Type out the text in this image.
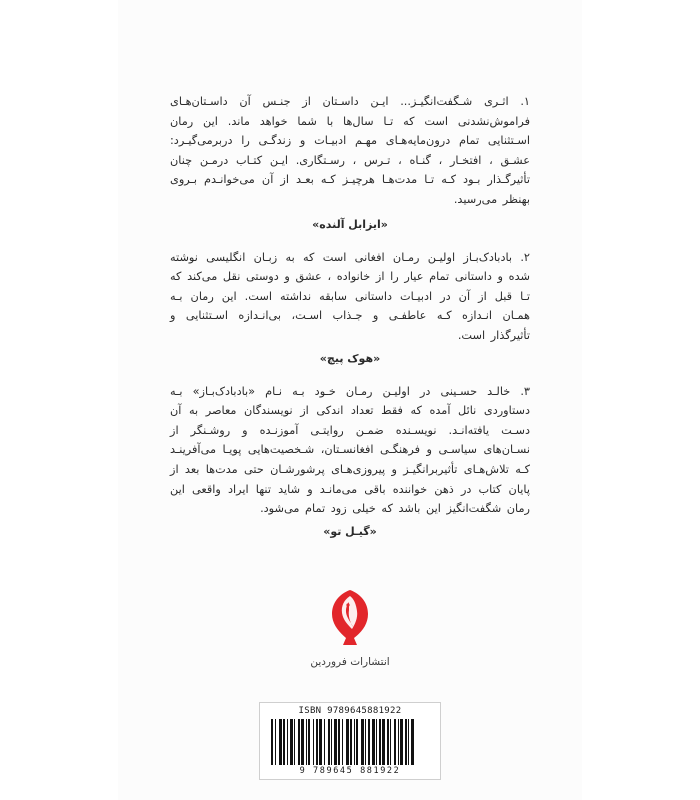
۱. اثـری شـگفت‌انگیـز... ایـن داسـتان از جنـس آن داسـتان‌هـای فراموش‌نشدنی است که تـا سال‌ها با شما خواهد ماند. این رمان اسـتثنایی تمام درون‌مایه‌هـای مهـم ادبیـات و زندگـی را دربرمی‌گیـرد: عشـق ، افتخـار ، گنـاه ، تـرس ، رسـتگاری. ایـن کتـاب درمـن چنان تأثیرگـذار بـود کـه تـا مدت‌هـا هرچیـز کـه بعـد از آن می‌خوانـدم بـروی بهنظر می‌رسید.

«ایزابل آلنده»

۲. بادبادک‌بـاز اولیـن رمـان افغانی است که به زبـان انگلیسی نوشته شده و داستانی تمام عیار را از خانواده ، عشق و دوستی نقل می‌کند که تـا قبل از آن در ادبیـات داستانی سابقه نداشته است. این رمان بـه همـان انـدازه کـه عاطفـی و جـذاب اسـت، بی‌انـدازه اسـتثنایی و تأثیرگذار است.

«هوک پیچ»

۳. خالـد حسـینی در اولیـن رمـان خـود بـه نـام «بادبادک‌بـاز» بـه دستاوردی نائل آمده که فقط تعداد اندکی از نویسندگان معاصر به آن دسـت یافته‌انـد. نویسـنده ضمـن روایتـی آموزنـده و روشـنگر از نسـان‌های سیاسـی و فرهنگـی افغانسـتان، شـخصیت‌هایی پویـا می‌آفرینـد کـه تلاش‌هـای تأثیربرانگیـز و پیروزی‌هـای پرشورشـان حتی مدت‌ها بعد از پایان کتاب در ذهن خواننده باقی می‌مانـد و شاید تنها ایراد واقعی این رمان شگفت‌انگیز این باشد که خیلی زود تمام می‌شود.

«گیـل تو»
انتشارات فروردین
ISBN 9789645881922
9 789645 881922
